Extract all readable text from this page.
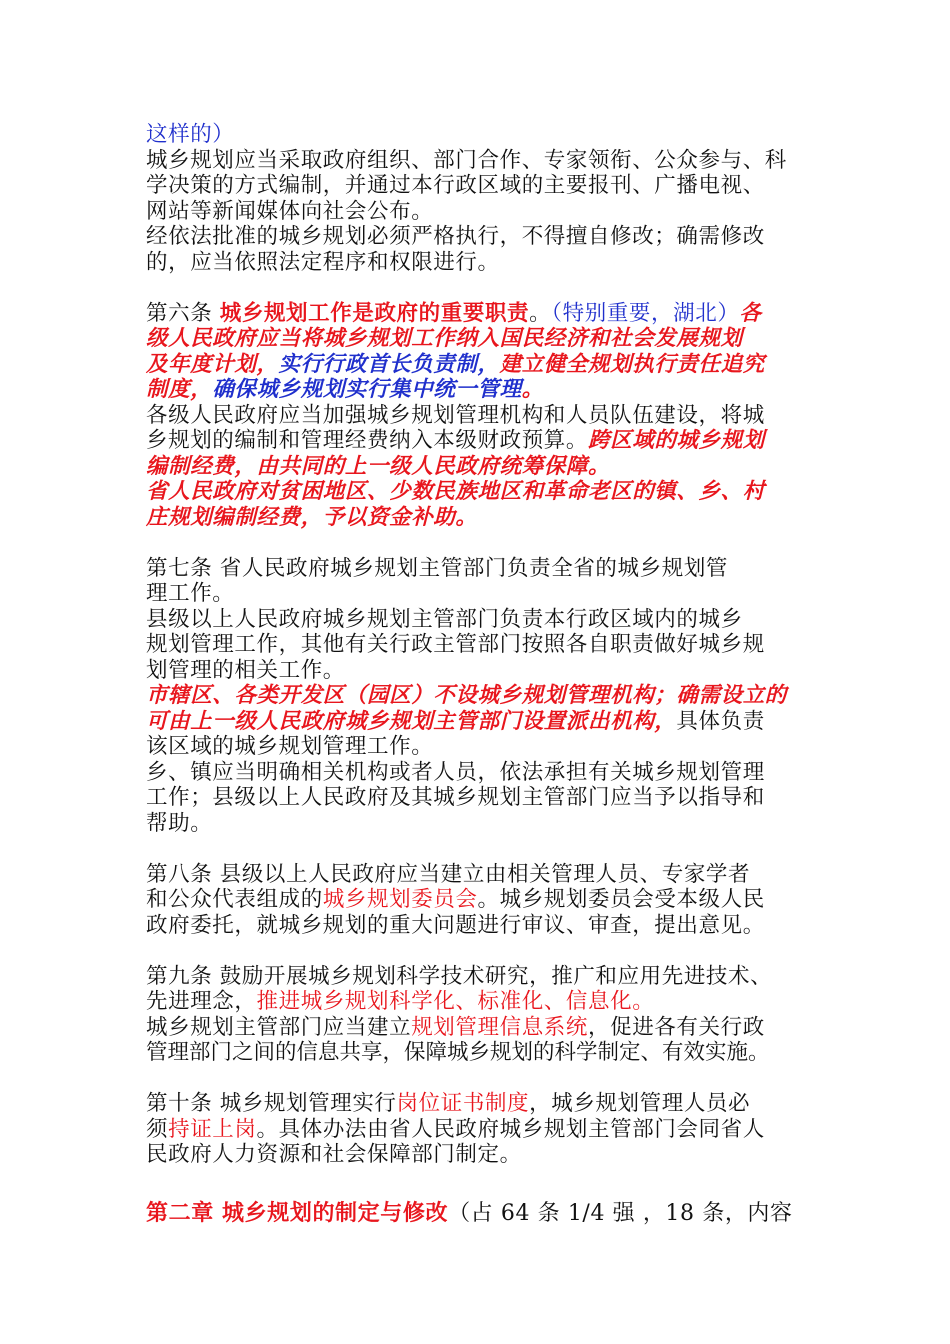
这样的）
城乡规划应当采取政府组织、部门合作、专家领衔、公众参与、科
学决策的方式编制，并通过本行政区域的主要报刊、广播电视、
网站等新闻媒体向社会公布。
经依法批准的城乡规划必须严格执行，不得擅自修改；确需修改
的，应当依照法定程序和权限进行。
第六条 城乡规划工作是政府的重要职责。（特别重要，湖北）各
级人民政府应当将城乡规划工作纳入国民经济和社会发展规划
及年度计划，实行行政首长负责制，建立健全规划执行责任追究
制度，确保城乡规划实行集中统一管理。
各级人民政府应当加强城乡规划管理机构和人员队伍建设，将城
乡规划的编制和管理经费纳入本级财政预算。跨区域的城乡规划
编制经费，由共同的上一级人民政府统筹保障。
省人民政府对贫困地区、少数民族地区和革命老区的镇、乡、村
庄规划编制经费，予以资金补助。
第七条 省人民政府城乡规划主管部门负责全省的城乡规划管
理工作。
县级以上人民政府城乡规划主管部门负责本行政区域内的城乡
规划管理工作，其他有关行政主管部门按照各自职责做好城乡规
划管理的相关工作。
市辖区、各类开发区（园区）不设城乡规划管理机构；确需设立的
可由上一级人民政府城乡规划主管部门设置派出机构，具体负责
该区域的城乡规划管理工作。
乡、镇应当明确相关机构或者人员，依法承担有关城乡规划管理
工作；县级以上人民政府及其城乡规划主管部门应当予以指导和
帮助。
第八条 县级以上人民政府应当建立由相关管理人员、专家学者
和公众代表组成的城乡规划委员会。城乡规划委员会受本级人民
政府委托，就城乡规划的重大问题进行审议、审查，提出意见。
第九条 鼓励开展城乡规划科学技术研究，推广和应用先进技术、
先进理念，推进城乡规划科学化、标准化、信息化。
城乡规划主管部门应当建立规划管理信息系统，促进各有关行政
管理部门之间的信息共享，保障城乡规划的科学制定、有效实施。
第十条 城乡规划管理实行岗位证书制度，城乡规划管理人员必
须持证上岗。具体办法由省人民政府城乡规划主管部门会同省人
民政府人力资源和社会保障部门制定。
第二章 城乡规划的制定与修改（占 64 条 1/4 强 ，18 条，内容
